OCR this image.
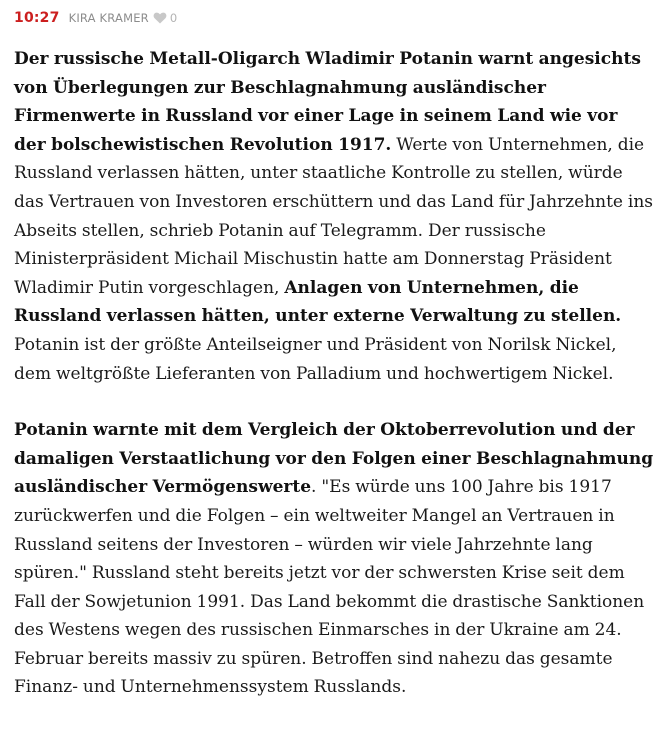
10:27 KIRA KRAMER 0

Der russische Metall-Oligarch Wladimir Potanin warnt angesichts von Überlegungen zur Beschlagnahmung ausländischer Firmenwerte in Russland vor einer Lage in seinem Land wie vor der bolschewistischen Revolution 1917. Werte von Unternehmen, die Russland verlassen hätten, unter staatliche Kontrolle zu stellen, würde das Vertrauen von Investoren erschüttern und das Land für Jahrzehnte ins Abseits stellen, schrieb Potanin auf Telegramm. Der russische Ministerpräsident Michail Mischustin hatte am Donnerstag Präsident Wladimir Putin vorgeschlagen, Anlagen von Unternehmen, die Russland verlassen hätten, unter externe Verwaltung zu stellen. Potanin ist der größte Anteilseigner und Präsident von Norilsk Nickel, dem weltgrößte Lieferanten von Palladium und hochwertigem Nickel.

Potanin warnte mit dem Vergleich der Oktoberrevolution und der damaligen Verstaatlichung vor den Folgen einer Beschlagnahmung ausländischer Vermögenswerte. "Es würde uns 100 Jahre bis 1917 zurückwerfen und die Folgen – ein weltweiter Mangel an Vertrauen in Russland seitens der Investoren – würden wir viele Jahrzehnte lang spüren." Russland steht bereits jetzt vor der schwersten Krise seit dem Fall der Sowjetunion 1991. Das Land bekommt die drastische Sanktionen des Westens wegen des russischen Einmarsches in der Ukraine am 24. Februar bereits massiv zu spüren. Betroffen sind nahezu das gesamte Finanz- und Unternehmenssystem Russlands.
